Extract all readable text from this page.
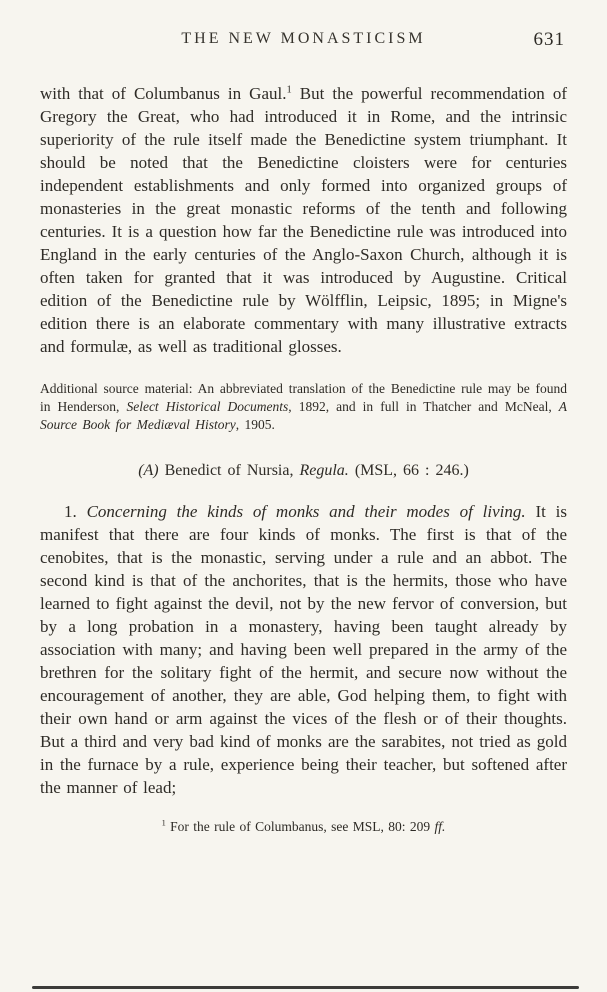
THE NEW MONASTICISM	631

with that of Columbanus in Gaul.$^1$ But the powerful recommendation of Gregory the Great, who had introduced it in Rome, and the intrinsic superiority of the rule itself made the Benedictine system triumphant. It should be noted that the Benedictine cloisters were for centuries independent establishments and only formed into organized groups of monasteries in the great monastic reforms of the tenth and following centuries. It is a question how far the Benedictine rule was introduced into England in the early centuries of the Anglo-Saxon Church, although it is often taken for granted that it was introduced by Augustine. Critical edition of the Benedictine rule by Wölfflin, Leipsic, 1895; in Migne's edition there is an elaborate commentary with many illustrative extracts and formulæ, as well as traditional glosses.

Additional source material: An abbreviated translation of the Benedictine rule may be found in Henderson, Select Historical Documents, 1892, and in full in Thatcher and McNeal, A Source Book for Mediæval History, 1905.

(A) Benedict of Nursia, Regula. (MSL, 66 : 246.)

1. Concerning the kinds of monks and their modes of living. It is manifest that there are four kinds of monks. The first is that of the cenobites, that is the monastic, serving under a rule and an abbot. The second kind is that of the anchorites, that is the hermits, those who have learned to fight against the devil, not by the new fervor of conversion, but by a long probation in a monastery, having been taught already by association with many; and having been well prepared in the army of the brethren for the solitary fight of the hermit, and secure now without the encouragement of another, they are able, God helping them, to fight with their own hand or arm against the vices of the flesh or of their thoughts. But a third and very bad kind of monks are the sarabites, not tried as gold in the furnace by a rule, experience being their teacher, but softened after the manner of lead;

$^1$ For the rule of Columbanus, see MSL, 80: 209 ff.
